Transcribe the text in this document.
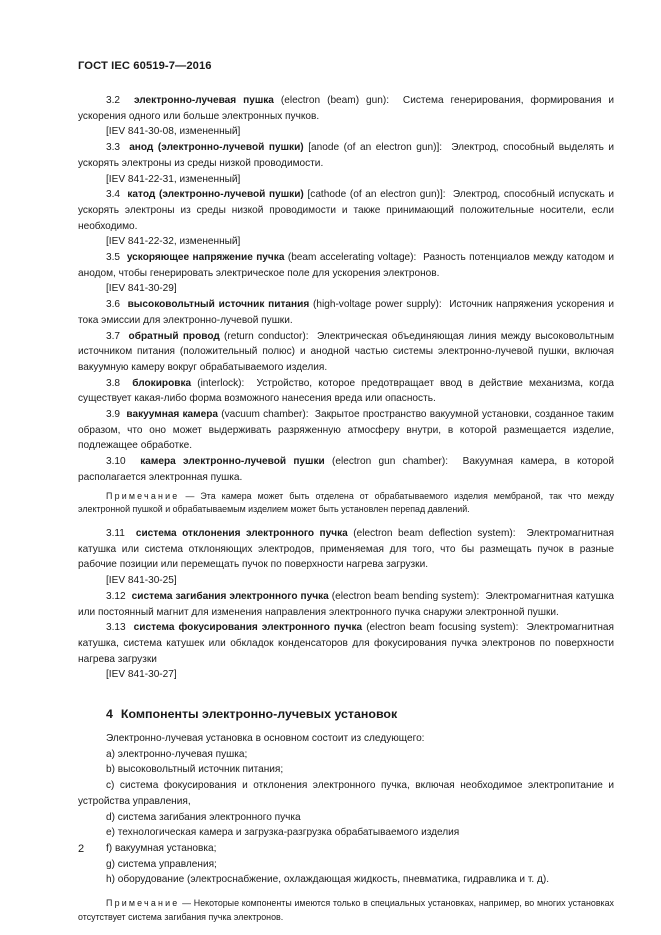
ГОСТ IEC 60519-7—2016

3.2 электронно-лучевая пушка (electron (beam) gun): Система генерирования, формирования и ускорения одного или больше электронных пучков.

[IEV 841-30-08, измененный]

3.3 анод (электронно-лучевой пушки) [anode (of an electron gun)]: Электрод, способный выделять и ускорять электроны из среды низкой проводимости.

[IEV 841-22-31, измененный]

3.4 катод (электронно-лучевой пушки) [cathode (of an electron gun)]: Электрод, способный испускать и ускорять электроны из среды низкой проводимости и также принимающий положительные носители, если необходимо.

[IEV 841-22-32, измененный]

3.5 ускоряющее напряжение пучка (beam accelerating voltage): Разность потенциалов между катодом и анодом, чтобы генерировать электрическое поле для ускорения электронов.

[IEV 841-30-29]

3.6 высоковольтный источник питания (high-voltage power supply): Источник напряжения ускорения и тока эмиссии для электронно-лучевой пушки.

3.7 обратный провод (return conductor): Электрическая объединяющая линия между высоковольтным источником питания (положительный полюс) и анодной частью системы электронно-лучевой пушки, включая вакуумную камеру вокруг обрабатываемого изделия.

3.8 блокировка (interlock): Устройство, которое предотвращает ввод в действие механизма, когда существует какая-либо форма возможного нанесения вреда или опасность.

3.9 вакуумная камера (vacuum chamber): Закрытое пространство вакуумной установки, созданное таким образом, что оно может выдерживать разряженную атмосферу внутри, в которой размещается изделие, подлежащее обработке.

3.10 камера электронно-лучевой пушки (electron gun chamber): Вакуумная камера, в которой располагается электронная пушка.

Примечание — Эта камера может быть отделена от обрабатываемого изделия мембраной, так что между электронной пушкой и обрабатываемым изделием может быть установлен перепад давлений.

3.11 система отклонения электронного пучка (electron beam deflection system): Электромагнитная катушка или система отклоняющих электродов, применяемая для того, что бы размещать пучок в разные рабочие позиции или перемещать пучок по поверхности нагрева загрузки.

[IEV 841-30-25]

3.12 система загибания электронного пучка (electron beam bending system): Электромагнитная катушка или постоянный магнит для изменения направления электронного пучка снаружи электронной пушки.

3.13 система фокусирования электронного пучка (electron beam focusing system): Электромагнитная катушка, система катушек или обкладок конденсаторов для фокусирования пучка электронов по поверхности нагрева загрузки

[IEV 841-30-27]

4 Компоненты электронно-лучевых установок

Электронно-лучевая установка в основном состоит из следующего:

a) электронно-лучевая пушка;

b) высоковольтный источник питания;

c) система фокусирования и отклонения электронного пучка, включая необходимое электропитание и устройства управления,

d) система загибания электронного пучка

e) технологическая камера и загрузка-разгрузка обрабатываемого изделия

f) вакуумная установка;

g) система управления;

h) оборудование (электроснабжение, охлаждающая жидкость, пневматика, гидравлика и т. д).

Примечание — Некоторые компоненты имеются только в специальных установках, например, во многих установках отсутствует система загибания пучка электронов.

2
